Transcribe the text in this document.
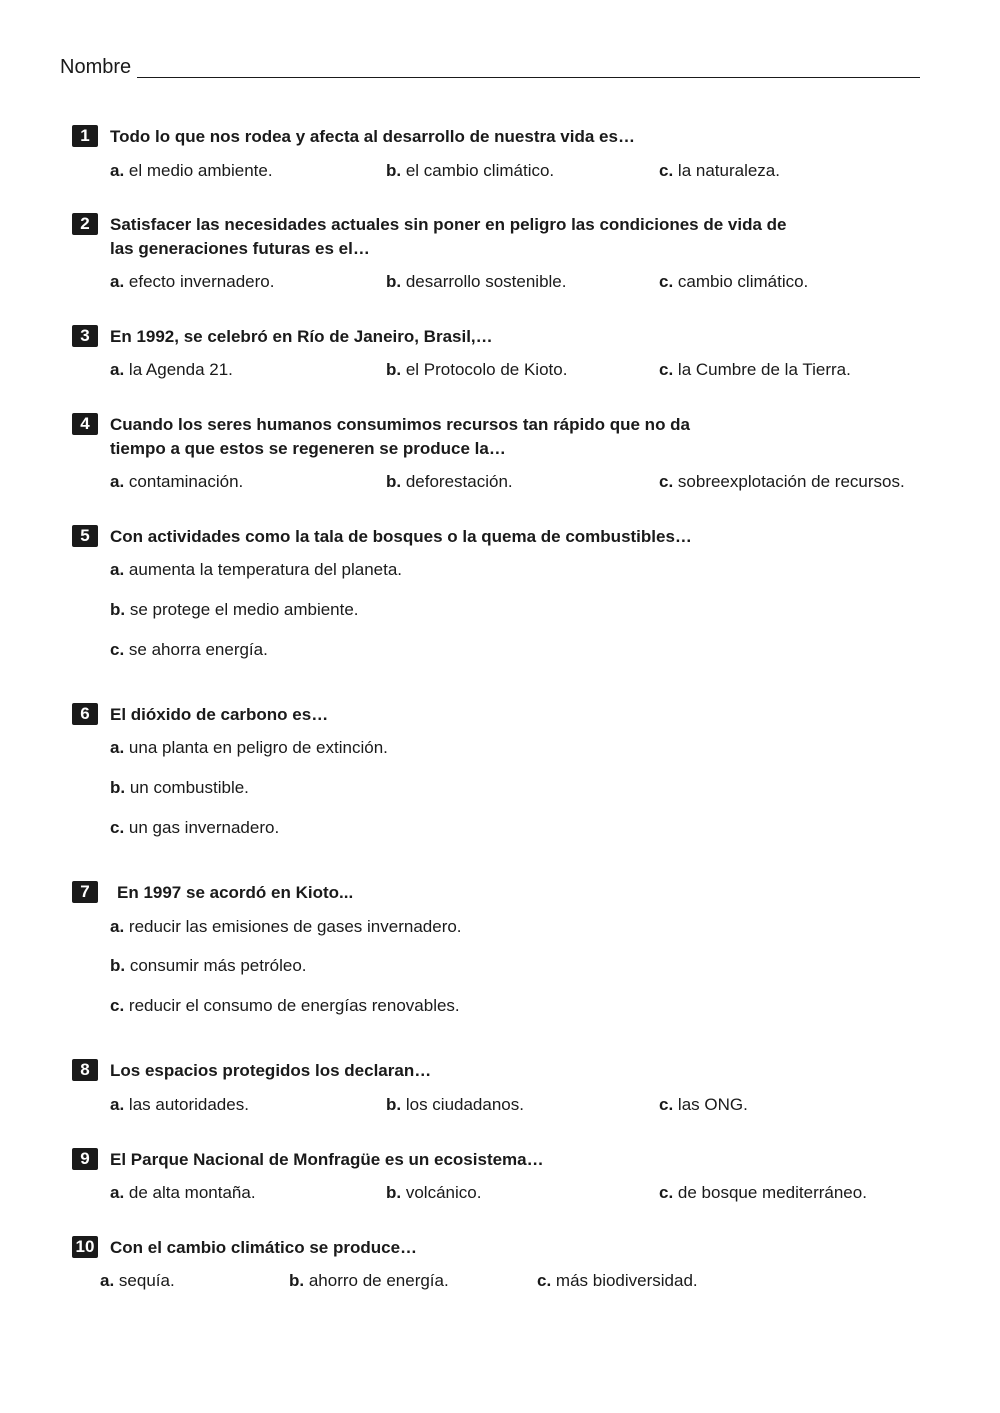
Nombre
1	Todo lo que nos rodea y afecta al desarrollo de nuestra vida es…
a. el medio ambiente.	b. el cambio climático.	c. la naturaleza.
2	Satisfacer las necesidades actuales sin poner en peligro las condiciones de vida de las generaciones futuras es el…
a. efecto invernadero.	b. desarrollo sostenible.	c. cambio climático.
3	En 1992, se celebró en Río de Janeiro, Brasil,…
a. la Agenda 21.	b. el Protocolo de Kioto.	c. la Cumbre de la Tierra.
4	Cuando los seres humanos consumimos recursos tan rápido que no da tiempo a que estos se regeneren se produce la…
a. contaminación.	b. deforestación.	c. sobreexplotación de recursos.
5	Con actividades como la tala de bosques o la quema de combustibles…
a. aumenta la temperatura del planeta.
b. se protege el medio ambiente.
c. se ahorra energía.
6	El dióxido de carbono es…
a. una planta en peligro de extinción.
b. un combustible.
c. un gas invernadero.
7	En 1997 se acordó en Kioto...
a. reducir las emisiones de gases invernadero.
b. consumir más petróleo.
c. reducir el consumo de energías renovables.
8	Los espacios protegidos los declaran…
a. las autoridades.	b. los ciudadanos.	c. las ONG.
9	El Parque Nacional de Monfragüe es un ecosistema…
a. de alta montaña.	b. volcánico.	c. de bosque mediterráneo.
10 Con el cambio climático se produce…
a. sequía.	b. ahorro de energía.	c. más biodiversidad.
